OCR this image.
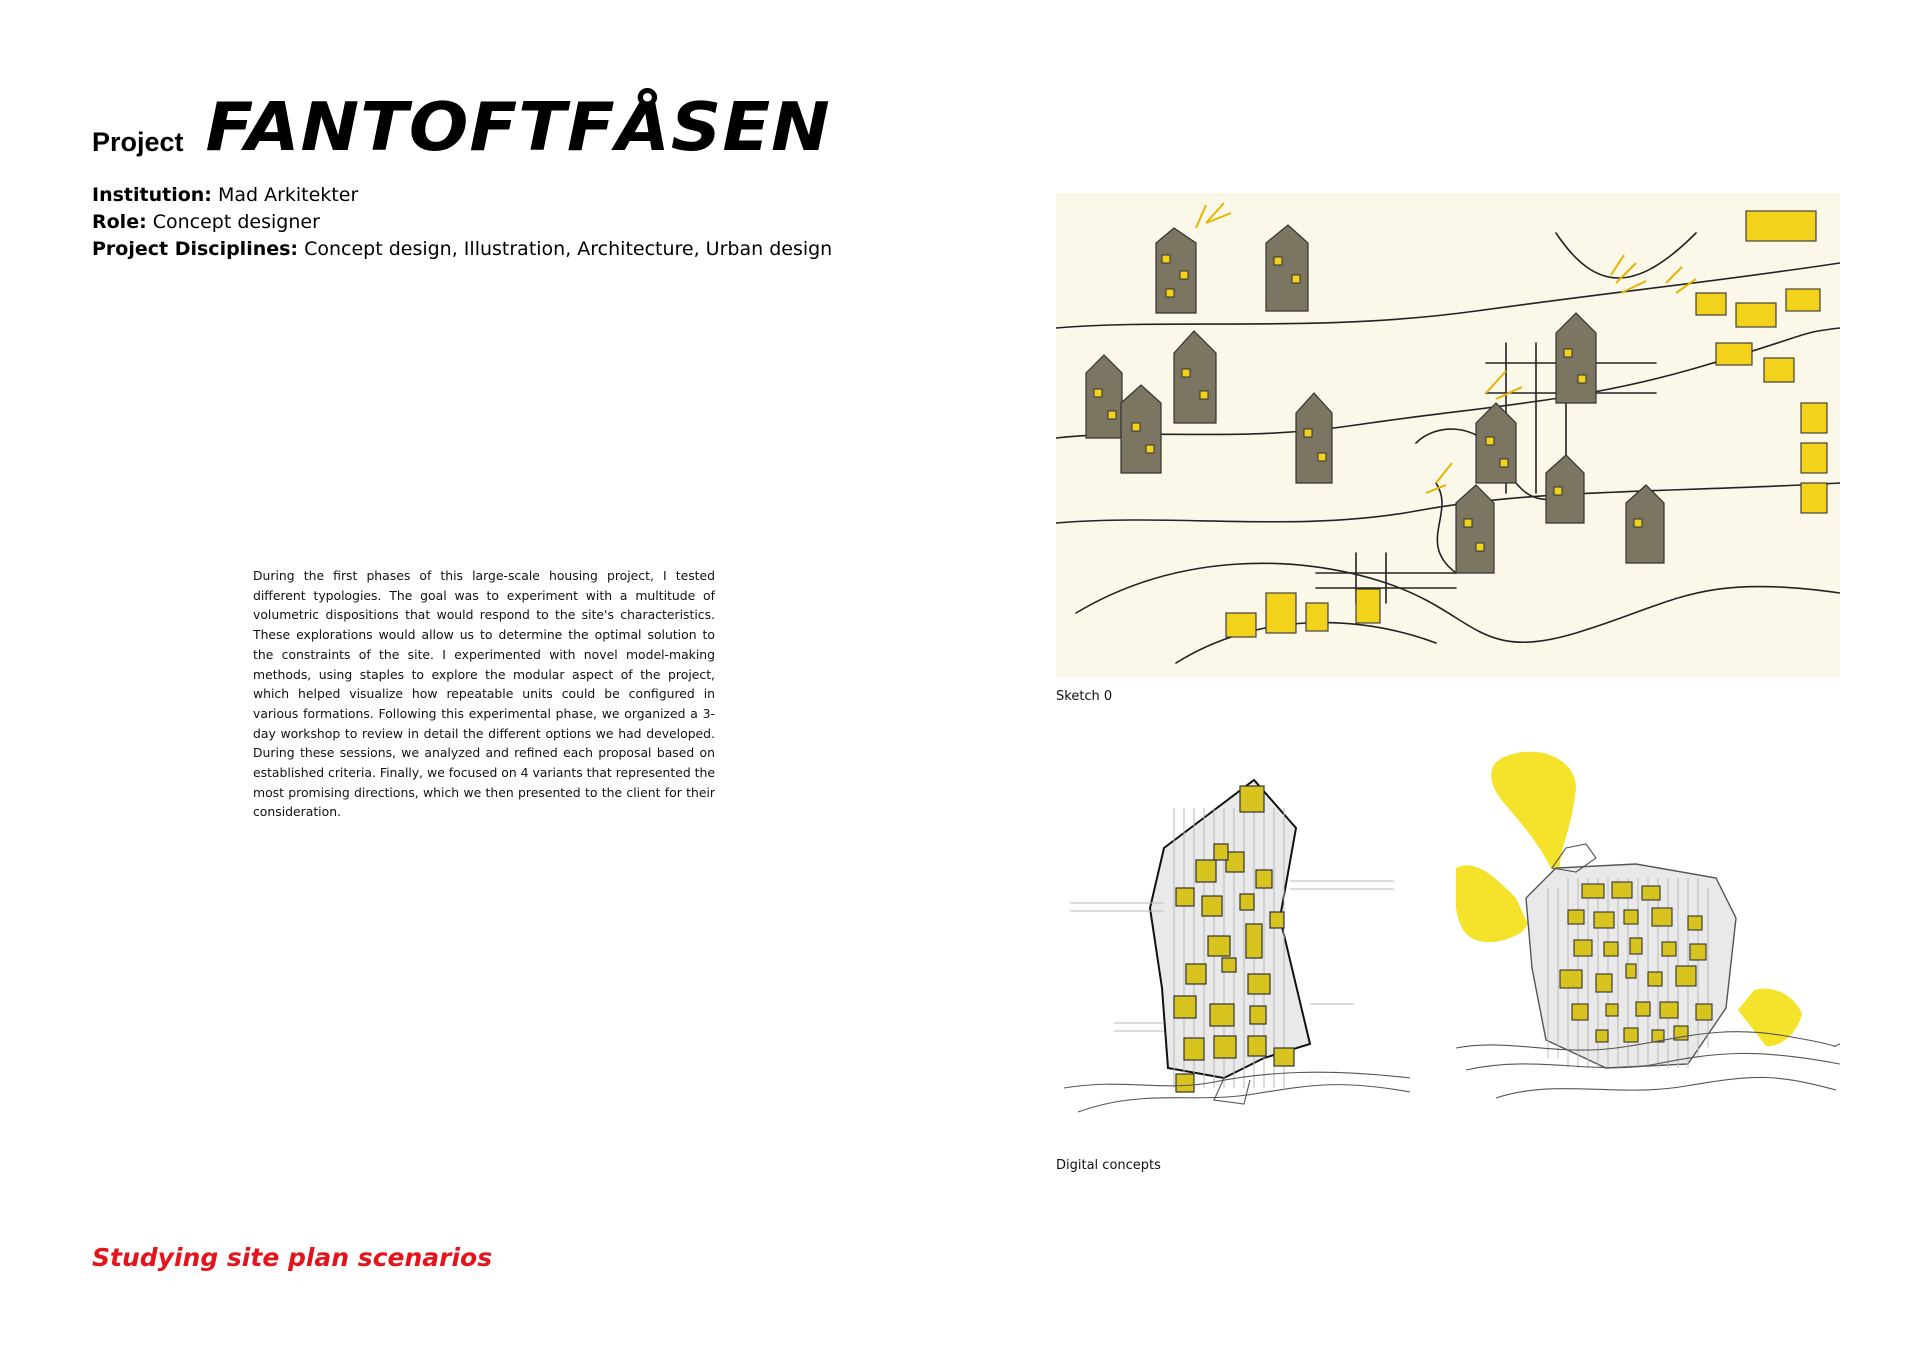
Project FANTOFTFÅSEN
Institution: Mad Arkitekter
Role: Concept designer
Project Disciplines: Concept design, Illustration, Architecture, Urban design

During the first phases of this large-scale housing project, I tested different typologies. The goal was to experiment with a multitude of volumetric dispositions that would respond to the site's characteristics. These explorations would allow us to determine the optimal solution to the constraints of the site. I experimented with novel model-making methods, using staples to explore the modular aspect of the project, which helped visualize how repeatable units could be configured in various formations. Following this experimental phase, we organized a 3-day workshop to review in detail the different options we had developed. During these sessions, we analyzed and refined each proposal based on established criteria. Finally, we focused on 4 variants that represented the most promising directions, which we then presented to the client for their consideration.

Sketch 0
Digital concepts
Studying site plan scenarios
